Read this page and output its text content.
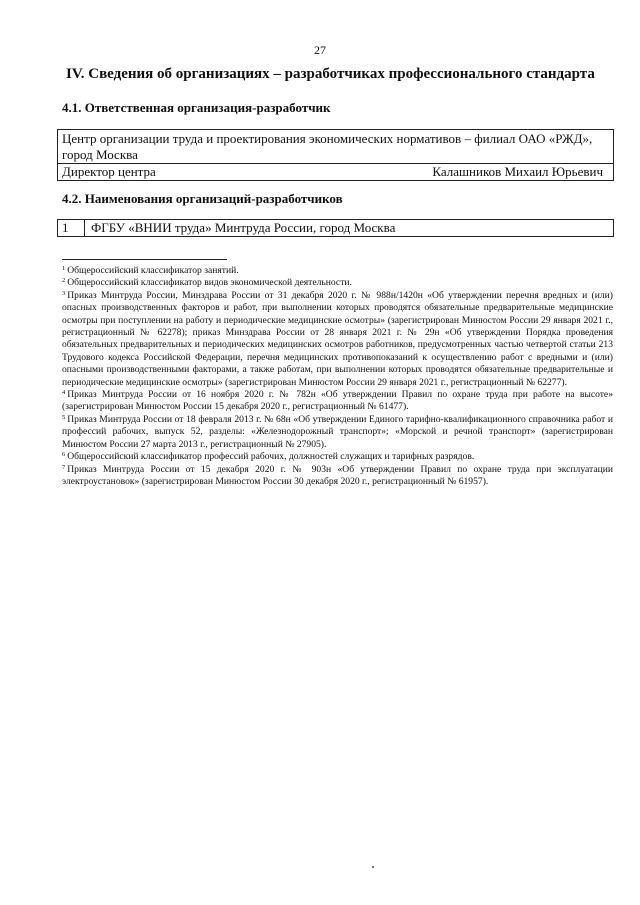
27
IV. Сведения об организациях – разработчиках профессионального стандарта
4.1. Ответственная организация-разработчик
Центр организации труда и проектирования экономических нормативов – филиал ОАО «РЖД», город Москва
Директор центра	Калашников Михаил Юрьевич
4.2. Наименования организаций-разработчиков
1	ФГБУ «ВНИИ труда» Минтруда России, город Москва

$^1$ Общероссийский классификатор занятий.

$^2$ Общероссийский классификатор видов экономической деятельности.

$^3$ Приказ Минтруда России, Минздрава России от 31 декабря 2020 г. № 988н/1420н «Об утверждении перечня вредных и (или) опасных производственных факторов и работ, при выполнении которых проводятся обязательные предварительные медицинские осмотры при поступлении на работу и периодические медицинские осмотры» (зарегистрирован Минюстом России 29 января 2021 г., регистрационный № 62278); приказ Минздрава России от 28 января 2021 г. № 29н «Об утверждении Порядка проведения обязательных предварительных и периодических медицинских осмотров работников, предусмотренных частью четвертой статьи 213 Трудового кодекса Российской Федерации, перечня медицинских противопоказаний к осуществлению работ с вредными и (или) опасными производственными факторами, а также работам, при выполнении которых проводятся обязательные предварительные и периодические медицинские осмотры» (зарегистрирован Минюстом России 29 января 2021 г., регистрационный № 62277).

$^4$ Приказ Минтруда России от 16 ноября 2020 г. № 782н «Об утверждении Правил по охране труда при работе на высоте» (зарегистрирован Минюстом России 15 декабря 2020 г., регистрационный № 61477).

$^5$ Приказ Минтруда России от 18 февраля 2013 г. № 68н «Об утверждении Единого тарифно-квалификационного справочника работ и профессий рабочих, выпуск 52, разделы: «Железнодорожный транспорт»; «Морской и речной транспорт» (зарегистрирован Минюстом России 27 марта 2013 г., регистрационный № 27905).

$^6$ Общероссийский классификатор профессий рабочих, должностей служащих и тарифных разрядов.

$^7$ Приказ Минтруда России от 15 декабря 2020 г. № 903н «Об утверждении Правил по охране труда при эксплуатации электроустановок» (зарегистрирован Минюстом России 30 декабря 2020 г., регистрационный № 61957).
